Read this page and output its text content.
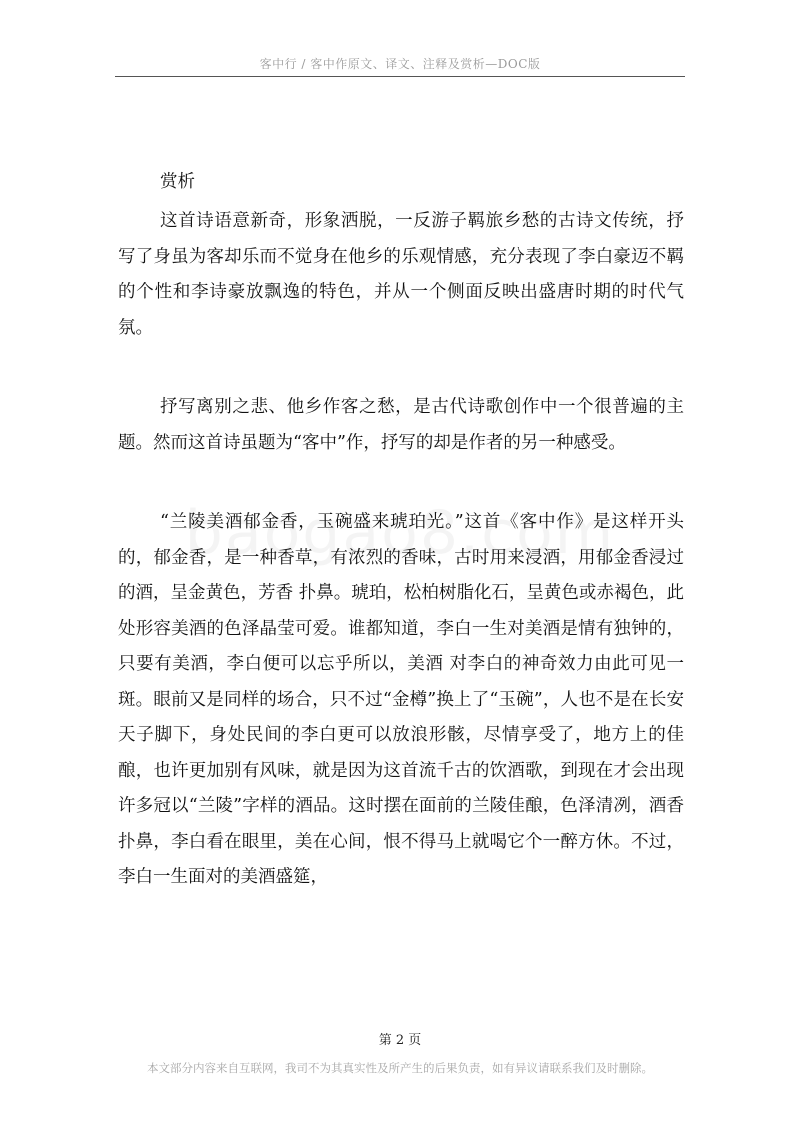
客中行 / 客中作原文、译文、注释及赏析—DOC版

赏析

这首诗语意新奇，形象洒脱，一反游子羁旅乡愁的古诗文传统，抒写了身虽为客却乐而不觉身在他乡的乐观情感，充分表现了李白豪迈不羁的个性和李诗豪放飘逸的特色，并从一个侧面反映出盛唐时期的时代气氛。

抒写离别之悲、他乡作客之愁，是古代诗歌创作中一个很普遍的主题。然而这首诗虽题为“客中”作，抒写的却是作者的另一种感受。

“兰陵美酒郁金香，玉碗盛来琥珀光。”这首《客中作》是这样开头的，郁金香，是一种香草，有浓烈的香味，古时用来浸酒，用郁金香浸过的酒，呈金黄色，芳香 扑鼻。琥珀，松柏树脂化石，呈黄色或赤褐色，此处形容美酒的色泽晶莹可爱。谁都知道，李白一生对美酒是情有独钟的，只要有美酒，李白便可以忘乎所以，美酒 对李白的神奇效力由此可见一斑。眼前又是同样的场合，只不过“金樽”换上了“玉碗”，人也不是在长安天子脚下，身处民间的李白更可以放浪形骸，尽情享受了，地方上的佳酿，也许更加别有风味，就是因为这首流千古的饮酒歌，到现在才会出现许多冠以“兰陵”字样的酒品。这时摆在面前的兰陵佳酿，色泽清冽，酒香扑鼻，李白看在眼里，美在心间，恨不得马上就喝它个一醉方休。不过，李白一生面对的美酒盛筵，

第 2 页
本文部分内容来自互联网，我司不为其真实性及所产生的后果负责，如有异议请联系我们及时删除。
